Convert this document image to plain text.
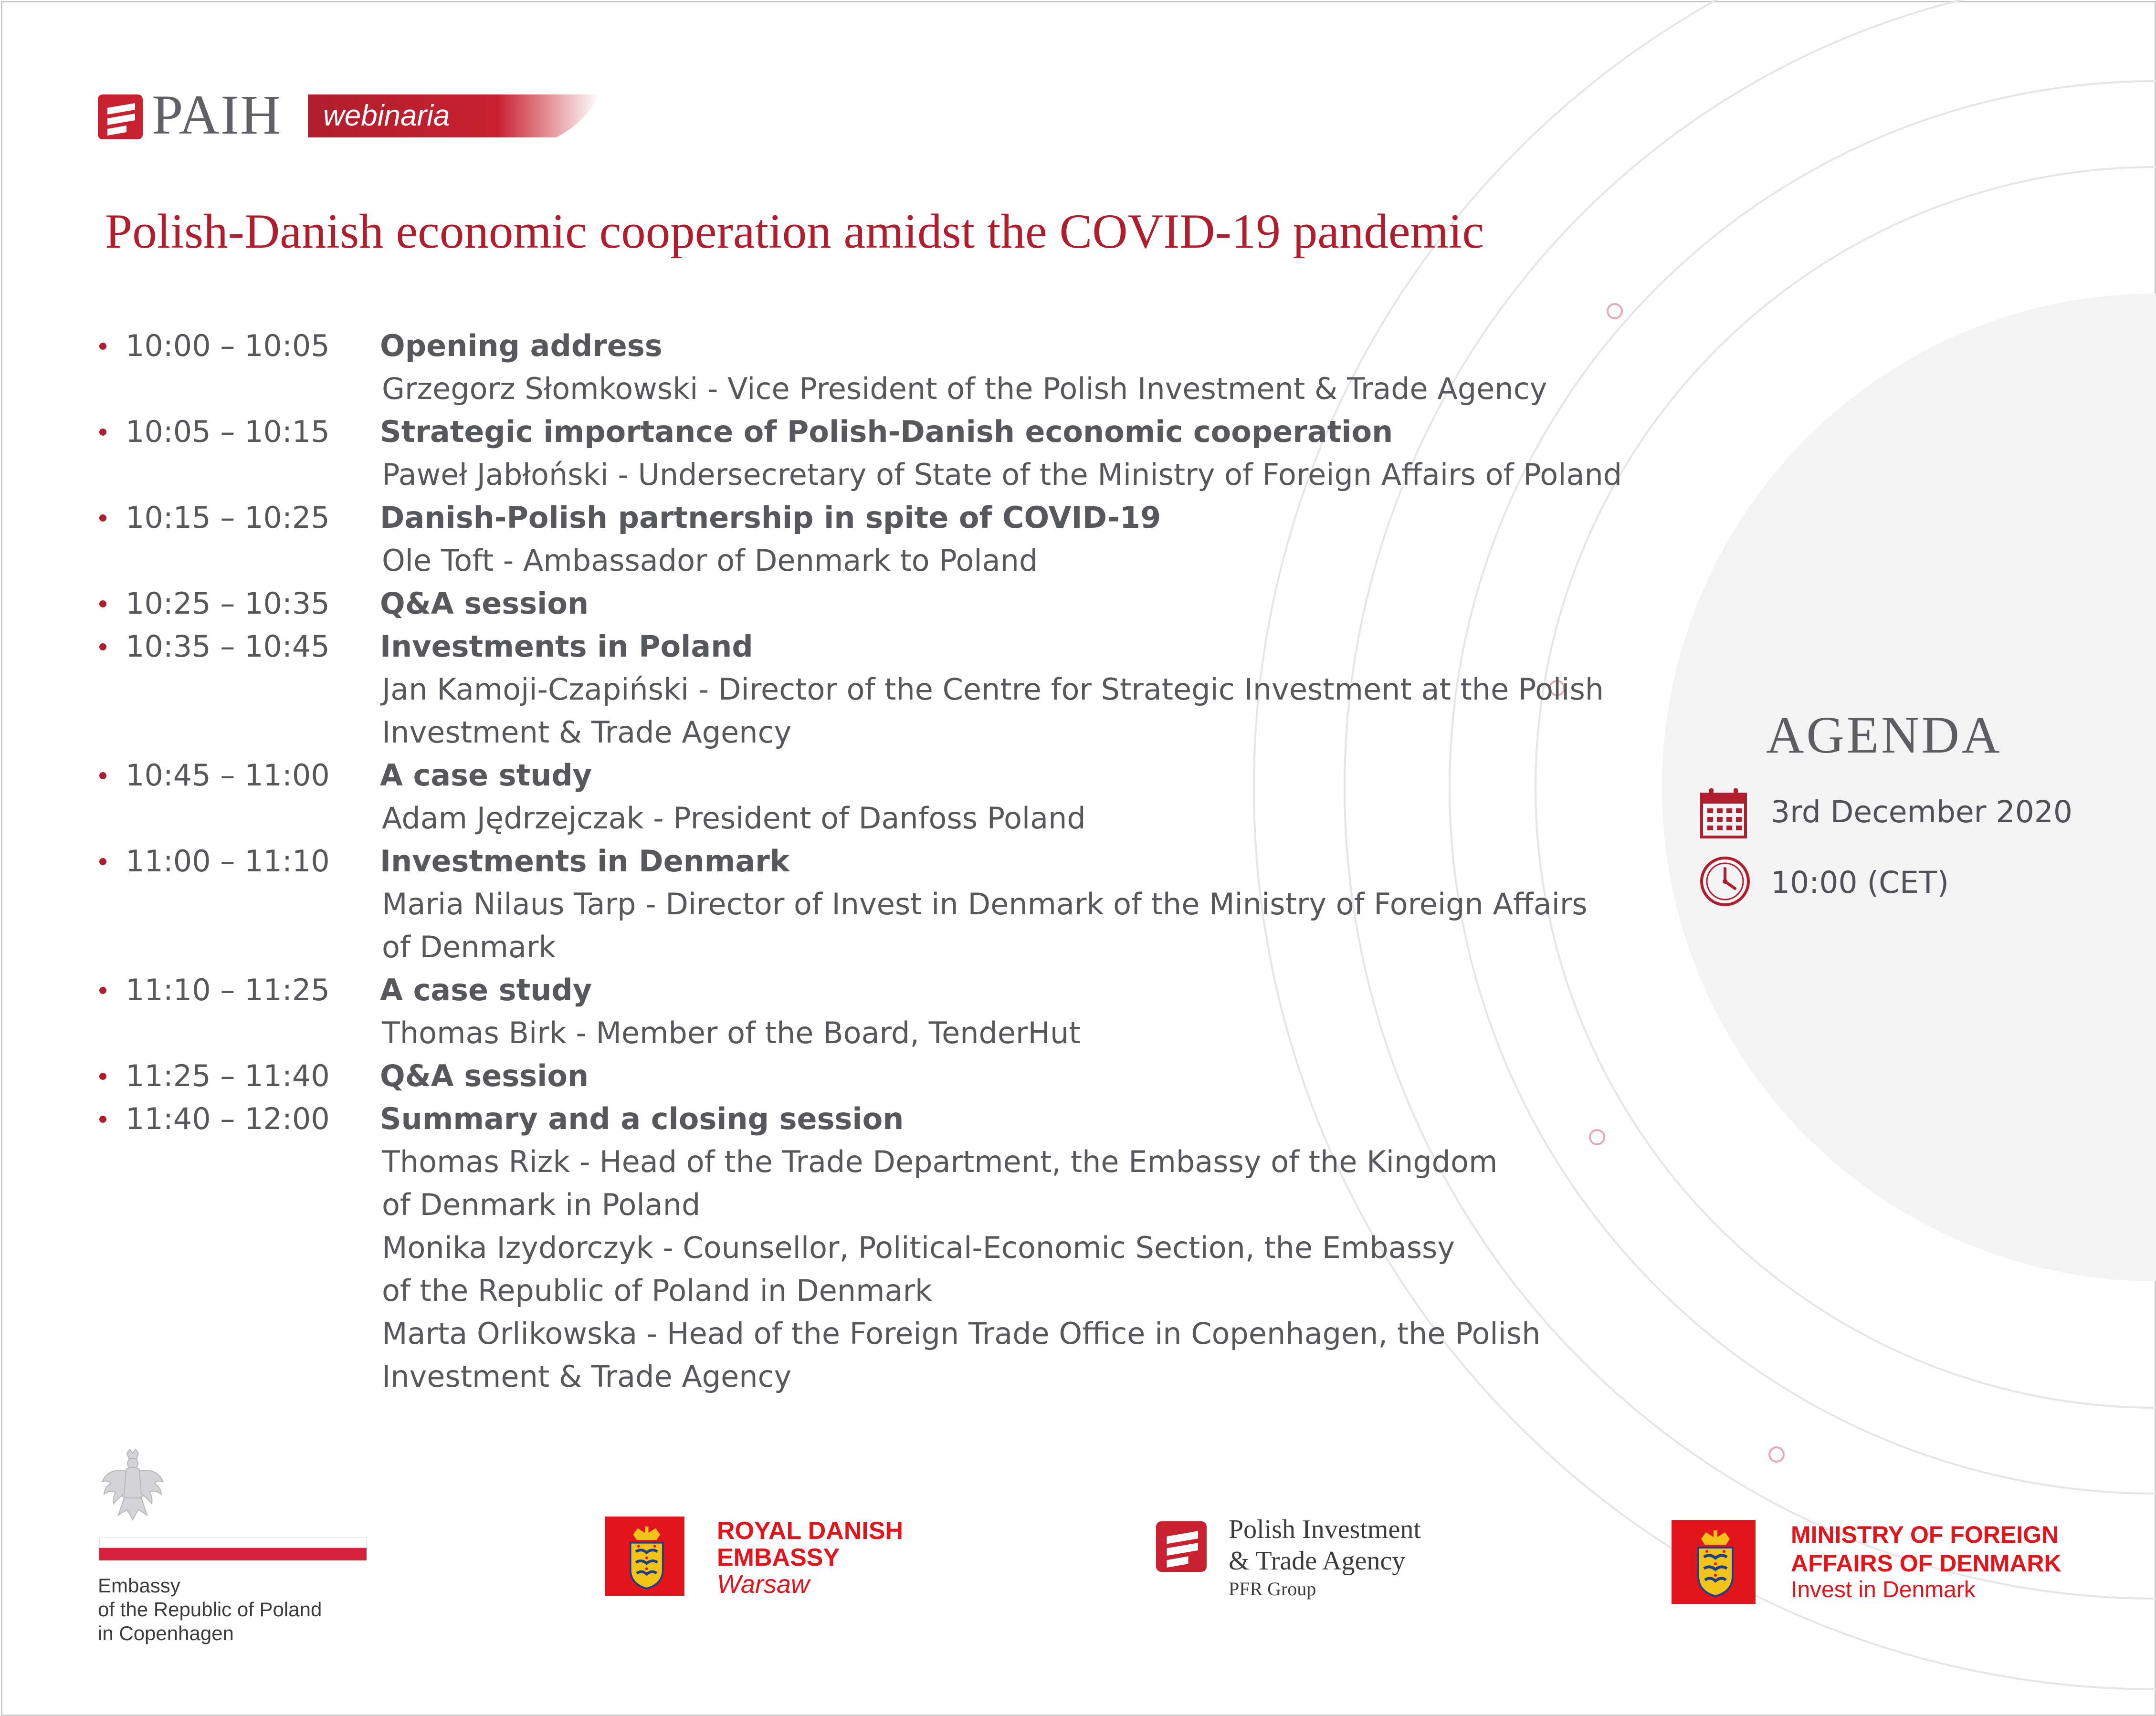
PAIH webinaria
Polish-Danish economic cooperation amidst the COVID-19 pandemic
10:00 – 10:05 Opening address
Grzegorz Słomkowski - Vice President of the Polish Investment & Trade Agency
10:05 – 10:15 Strategic importance of Polish-Danish economic cooperation
Paweł Jabłoński - Undersecretary of State of the Ministry of Foreign Affairs of Poland
10:15 – 10:25 Danish-Polish partnership in spite of COVID-19
Ole Toft - Ambassador of Denmark to Poland
10:25 – 10:35 Q&A session
10:35 – 10:45 Investments in Poland
Jan Kamoji-Czapiński - Director of the Centre for Strategic Investment at the Polish
Investment & Trade Agency
10:45 – 11:00 A case study
Adam Jędrzejczak - President of Danfoss Poland
11:00 – 11:10 Investments in Denmark
Maria Nilaus Tarp - Director of Invest in Denmark of the Ministry of Foreign Affairs
of Denmark
11:10 – 11:25 A case study
Thomas Birk - Member of the Board, TenderHut
11:25 – 11:40 Q&A session
11:40 – 12:00 Summary and a closing session
Thomas Rizk - Head of the Trade Department, the Embassy of the Kingdom
of Denmark in Poland
Monika Izydorczyk - Counsellor, Political-Economic Section, the Embassy
of the Republic of Poland in Denmark
Marta Orlikowska - Head of the Foreign Trade Office in Copenhagen, the Polish
Investment & Trade Agency
AGENDA
3rd December 2020
10:00 (CET)
Embassy
of the Republic of Poland
in Copenhagen
ROYAL DANISH
EMBASSY
Warsaw
Polish Investment
& Trade Agency
PFR Group
MINISTRY OF FOREIGN
AFFAIRS OF DENMARK
Invest in Denmark
